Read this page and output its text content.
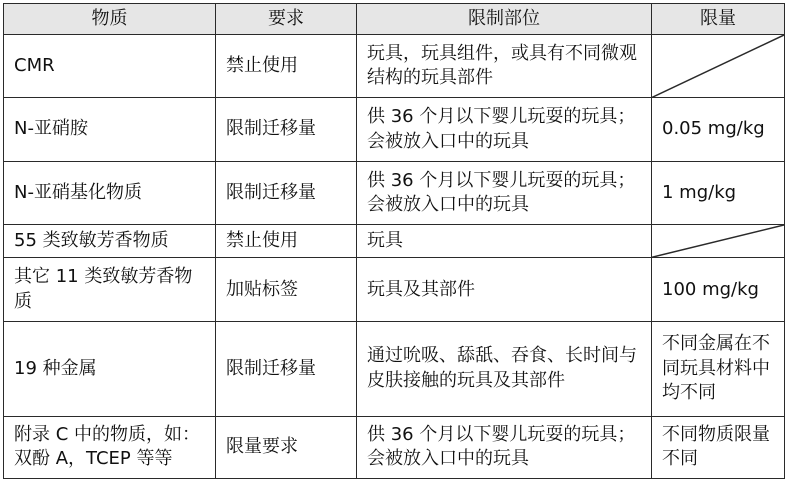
物质	要求	限制部位	限量
CMR	禁止使用	玩具，玩具组件，或具有不同微观结构的玩具部件	

N-亚硝胺	限制迁移量	供 36 个月以下婴儿玩耍的玩具；会被放入口中的玩具	0.05 mg/kg
N-亚硝基化物质	限制迁移量	供 36 个月以下婴儿玩耍的玩具；会被放入口中的玩具	1 mg/kg
55 类致敏芳香物质	禁止使用	玩具	

其它 11 类致敏芳香物质	加贴标签	玩具及其部件	100 mg/kg
19 种金属	限制迁移量	通过吮吸、舔舐、吞食、长时间与皮肤接触的玩具及其部件	不同金属在不同玩具材料中均不同
附录 C 中的物质，如：双酚 A，TCEP 等等	限量要求	供 36 个月以下婴儿玩耍的玩具；会被放入口中的玩具	不同物质限量不同
